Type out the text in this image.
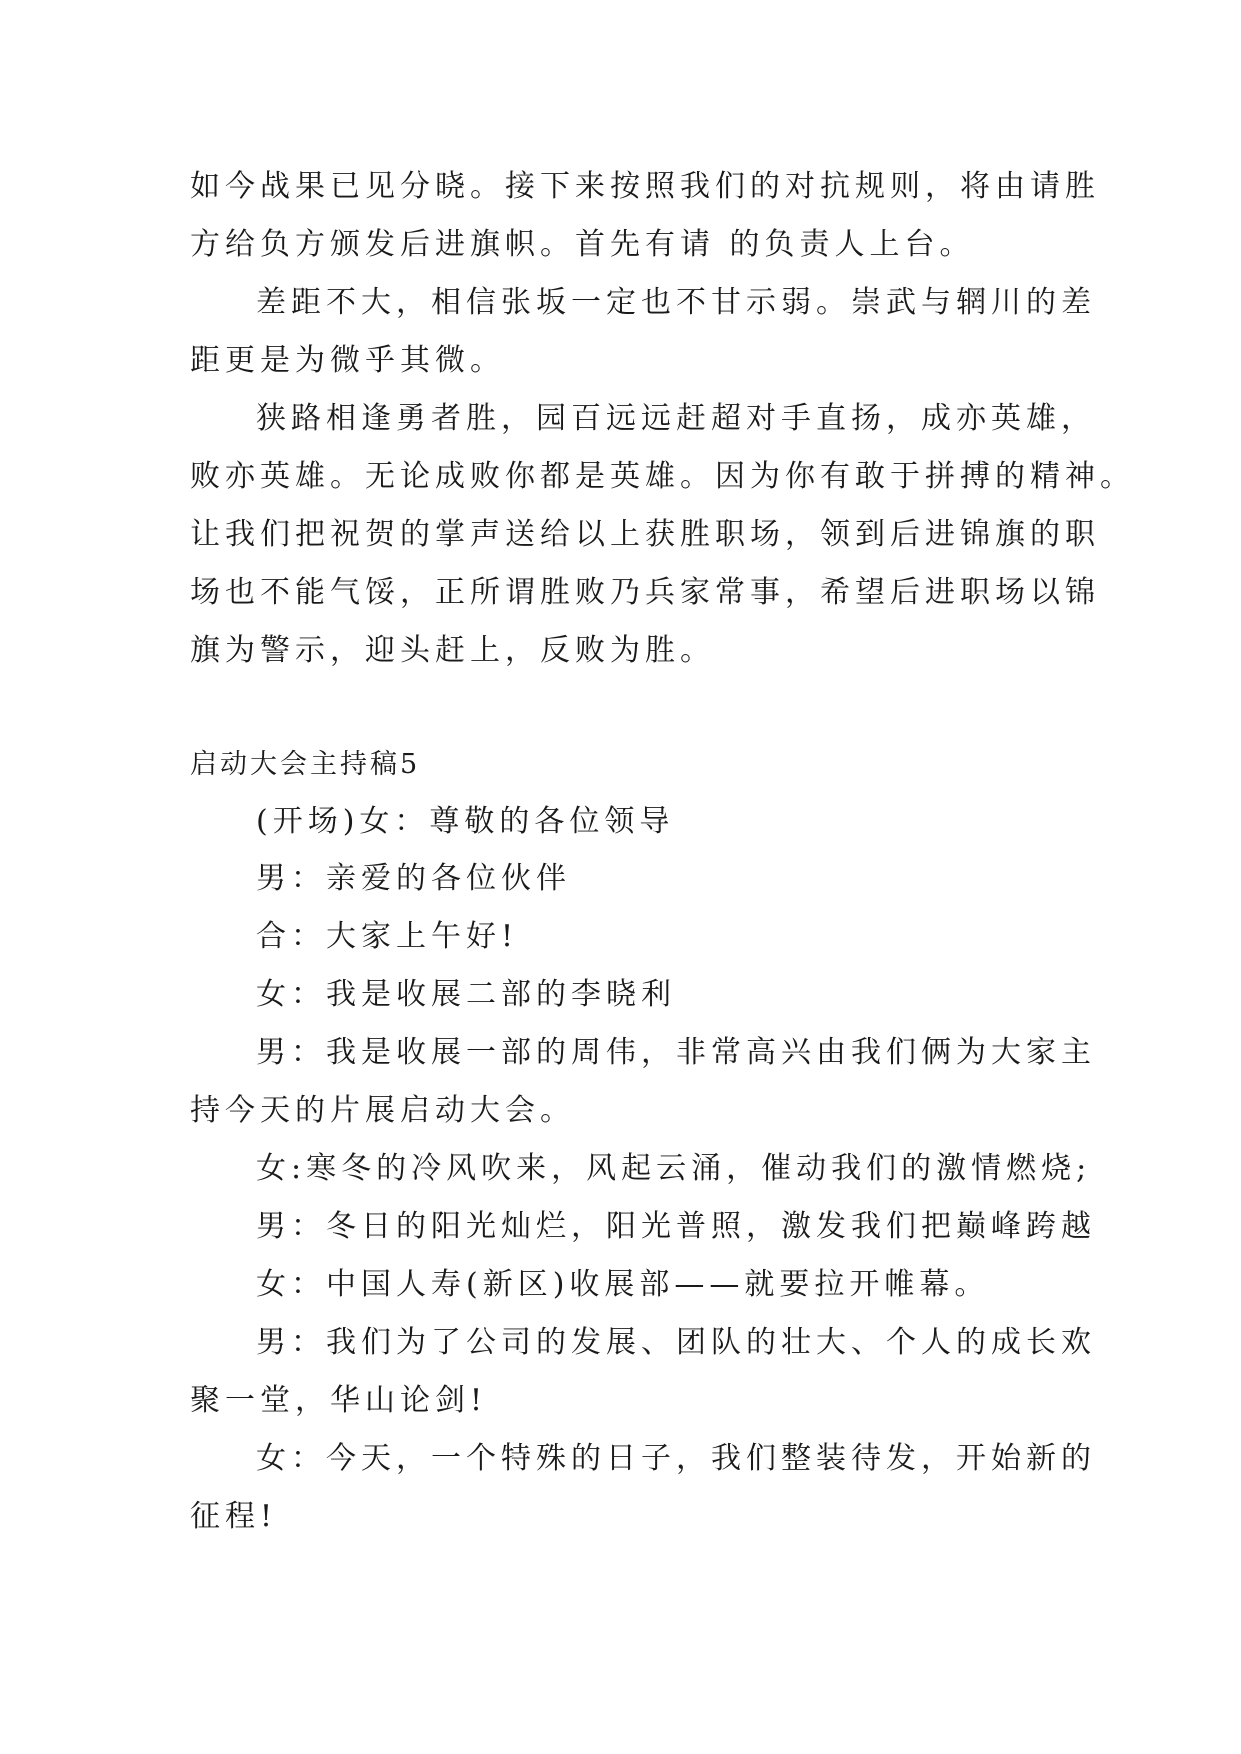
如今战果已见分晓。接下来按照我们的对抗规则，将由请胜
方给负方颁发后进旗帜。首先有请 的负责人上台。
差距不大，相信张坂一定也不甘示弱。崇武与辋川的差
距更是为微乎其微。
狭路相逢勇者胜，园百远远赶超对手直扬，成亦英雄，
败亦英雄。无论成败你都是英雄。因为你有敢于拼搏的精神。
让我们把祝贺的掌声送给以上获胜职场，领到后进锦旗的职
场也不能气馁，正所谓胜败乃兵家常事，希望后进职场以锦
旗为警示，迎头赶上，反败为胜。
启动大会主持稿5
(开场)女：尊敬的各位领导
男：亲爱的各位伙伴
合：大家上午好!
女：我是收展二部的李晓利
男：我是收展一部的周伟，非常高兴由我们俩为大家主
持今天的片展启动大会。
女:寒冬的冷风吹来，风起云涌，催动我们的激情燃烧;
男：冬日的阳光灿烂，阳光普照，激发我们把巅峰跨越
女：中国人寿(新区)收展部——就要拉开帷幕。
男：我们为了公司的发展、团队的壮大、个人的成长欢
聚一堂，华山论剑!
女：今天，一个特殊的日子，我们整装待发，开始新的
征程!
